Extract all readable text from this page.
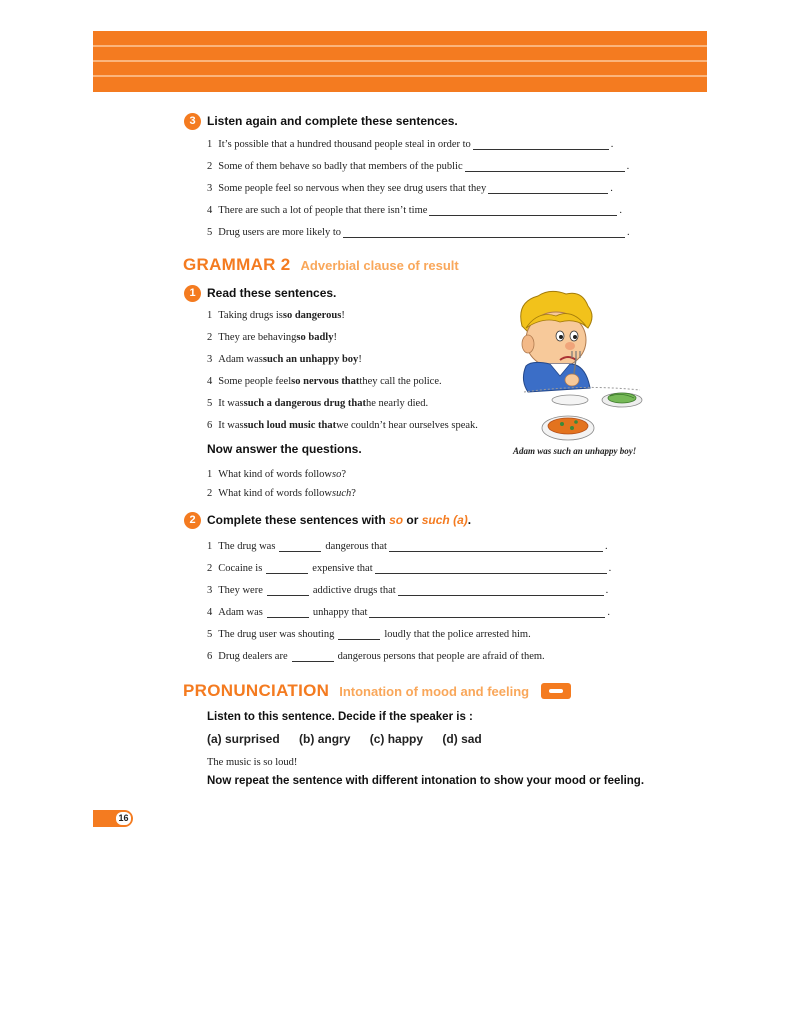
3 Listen again and complete these sentences.
1 It’s possible that a hundred thousand people steal in order to	.
2 Some of them behave so badly that members of the public	.
3 Some people feel so nervous when they see drug users that they	.
4 There are such a lot of people that there isn’t time	.
5 Drug users are more likely to	.
GRAMMAR 2 Adverbial clause of result
1 Read these sentences.
1 Taking drugs is so dangerous !
2 They are behaving so badly !
3 Adam was such an unhappy boy !
4 Some people feel so nervous that they call the police.
5 It was such a dangerous drug that he nearly died.
6 It was such loud music that we couldn’t hear ourselves speak.
Adam was such an unhappy boy!
Now answer the questions.
1 What kind of words follow so ?
2 What kind of words follow such ?
2 Complete these sentences with so or such (a).
1 The drug was	dangerous that	.
2 Cocaine is	expensive that	.
3 They were	addictive drugs that	.
4 Adam was	unhappy that	.
5 The drug user was shouting	loudly that the police arrested him.
6 Drug dealers are	dangerous persons that people are afraid of them.
PRONUNCIATION Intonation of mood and feeling
Listen to this sentence. Decide if the speaker is :
(a) surprised (b) angry (c) happy (d) sad
The music is so loud!
Now repeat the sentence with different intonation to show your mood or feeling.
16
